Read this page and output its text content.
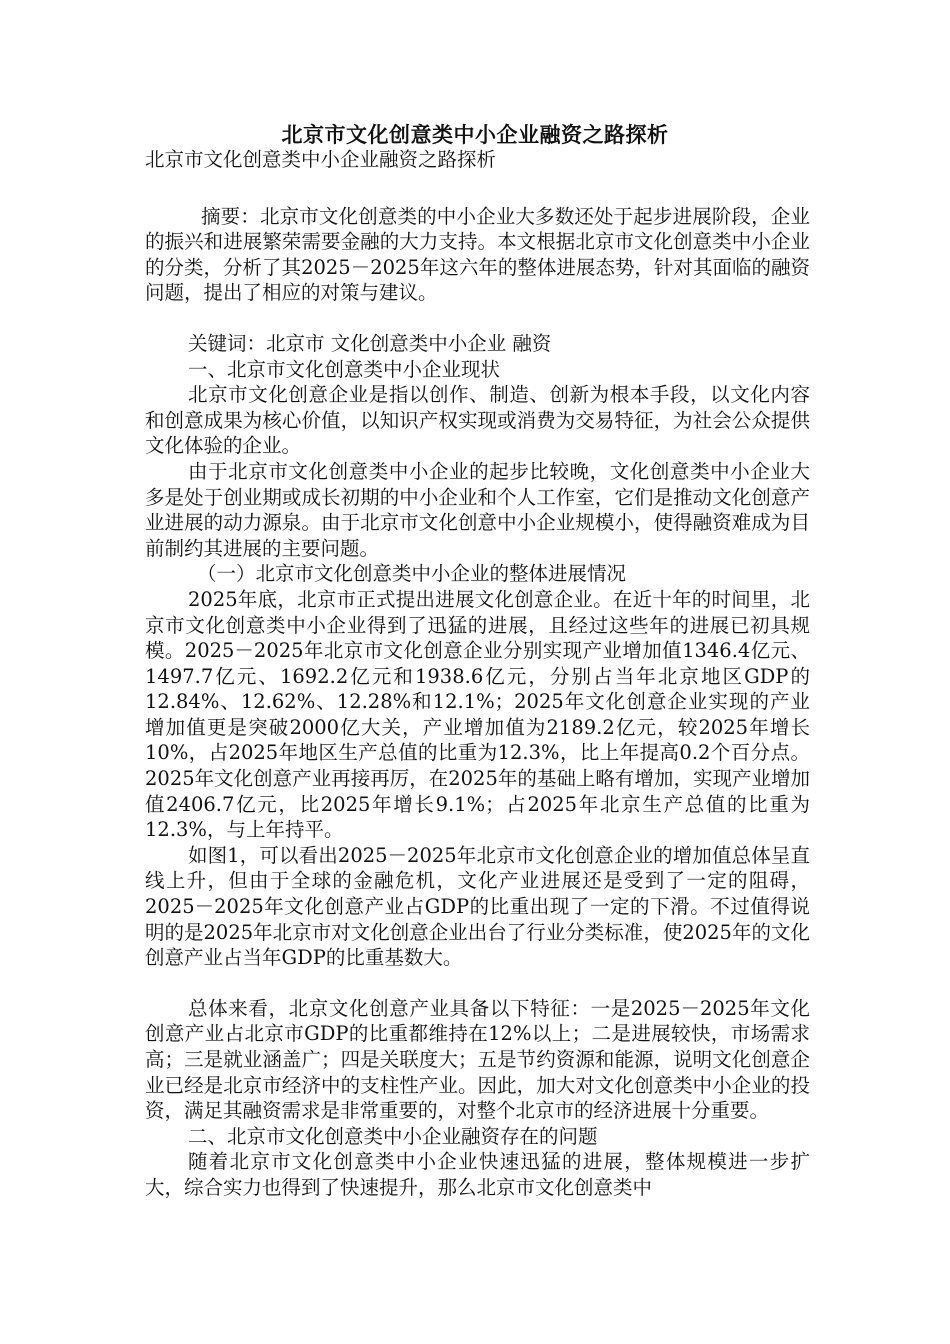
北京市文化创意类中小企业融资之路探析

北京市文化创意类中小企业融资之路探析

摘要：北京市文化创意类的中小企业大多数还处于起步进展阶段，企业的振兴和进展繁荣需要金融的大力支持。本文根据北京市文化创意类中小企业的分类，分析了其2025－2025年这六年的整体进展态势，针对其面临的融资问题，提出了相应的对策与建议。

关键词：北京市 文化创意类中小企业 融资

一、北京市文化创意类中小企业现状

北京市文化创意企业是指以创作、制造、创新为根本手段，以文化内容和创意成果为核心价值，以知识产权实现或消费为交易特征，为社会公众提供文化体验的企业。

由于北京市文化创意类中小企业的起步比较晚，文化创意类中小企业大多是处于创业期或成长初期的中小企业和个人工作室，它们是推动文化创意产业进展的动力源泉。由于北京市文化创意中小企业规模小，使得融资难成为目前制约其进展的主要问题。

（一）北京市文化创意类中小企业的整体进展情况

2025年底，北京市正式提出进展文化创意企业。在近十年的时间里，北京市文化创意类中小企业得到了迅猛的进展，且经过这些年的进展已初具规模。2025－2025年北京市文化创意企业分别实现产业增加值1346.4亿元、1497.7亿元、1692.2亿元和1938.6亿元，分别占当年北京地区GDP的12.84%、12.62%、12.28%和12.1%；2025年文化创意企业实现的产业增加值更是突破2000亿大关，产业增加值为2189.2亿元，较2025年增长10%，占2025年地区生产总值的比重为12.3%，比上年提高0.2个百分点。2025年文化创意产业再接再厉，在2025年的基础上略有增加，实现产业增加值2406.7亿元，比2025年增长9.1%；占2025年北京生产总值的比重为12.3%，与上年持平。

如图1，可以看出2025－2025年北京市文化创意企业的增加值总体呈直线上升，但由于全球的金融危机，文化产业进展还是受到了一定的阻碍，2025－2025年文化创意产业占GDP的比重出现了一定的下滑。不过值得说明的是2025年北京市对文化创意企业出台了行业分类标准，使2025年的文化创意产业占当年GDP的比重基数大。

总体来看，北京文化创意产业具备以下特征：一是2025－2025年文化创意产业占北京市GDP的比重都维持在12%以上；二是进展较快，市场需求高；三是就业涵盖广；四是关联度大；五是节约资源和能源，说明文化创意企业已经是北京市经济中的支柱性产业。因此，加大对文化创意类中小企业的投资，满足其融资需求是非常重要的，对整个北京市的经济进展十分重要。

二、北京市文化创意类中小企业融资存在的问题

随着北京市文化创意类中小企业快速迅猛的进展，整体规模进一步扩大，综合实力也得到了快速提升，那么北京市文化创意类中
